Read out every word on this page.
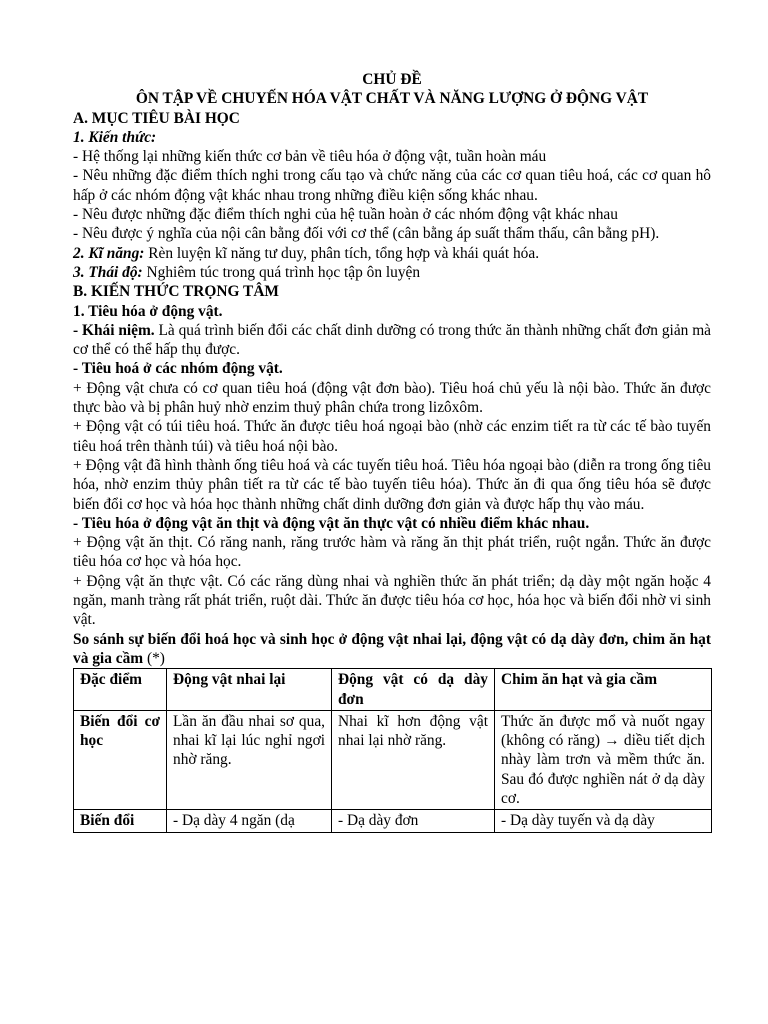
CHỦ ĐỀ

ÔN TẬP VỀ CHUYẾN HÓA VẬT CHẤT VÀ NĂNG LƯỢNG Ở ĐỘNG VẬT

A. MỤC TIÊU BÀI HỌC

1. Kiến thức:

- Hệ thống lại những kiến thức cơ bản về tiêu hóa ở động vật, tuần hoàn máu

- Nêu những đặc điểm thích nghi trong cấu tạo và chức năng của các cơ quan tiêu hoá, các cơ quan hô hấp ở các nhóm động vật khác nhau trong những điều kiện sống khác nhau.

- Nêu được những đặc điểm thích nghi của hệ tuần hoàn ở các nhóm động vật khác nhau

- Nêu được ý nghĩa của nội cân bằng đối với cơ thể (cân bằng áp suất thẩm thấu, cân bằng pH).

2. Kĩ năng: Rèn luyện kĩ năng tư duy, phân tích, tổng hợp và khái quát hóa.

3. Thái độ: Nghiêm túc trong quá trình học tập ôn luyện

B. KIẾN THỨC TRỌNG TÂM

1. Tiêu hóa ở động vật.

- Khái niệm. Là quá trình biến đổi các chất dinh dưỡng có trong thức ăn thành những chất đơn giản mà cơ thể có thể hấp thụ được.

- Tiêu hoá ở các nhóm động vật.

+ Động vật chưa có cơ quan tiêu hoá (động vật đơn bào). Tiêu hoá chủ yếu là nội bào. Thức ăn được thực bào và bị phân huỷ nhờ enzim thuỷ phân chứa trong lizôxôm.

+ Động vật có túi tiêu hoá. Thức ăn được tiêu hoá ngoại bào (nhờ các enzim tiết ra từ các tế bào tuyến tiêu hoá trên thành túi) và tiêu hoá nội bào.

+ Động vật đã hình thành ống tiêu hoá và các tuyến tiêu hoá. Tiêu hóa ngoại bào (diễn ra trong ống tiêu hóa, nhờ enzim thủy phân tiết ra từ các tế bào tuyến tiêu hóa). Thức ăn đi qua ống tiêu hóa sẽ được biến đổi cơ học và hóa học thành những chất dinh dưỡng đơn giản và được hấp thụ vào máu.

- Tiêu hóa ở động vật ăn thịt và động vật ăn thực vật có nhiều điểm khác nhau.

+ Động vật ăn thịt. Có răng nanh, răng trước hàm và răng ăn thịt phát triển, ruột ngắn. Thức ăn được tiêu hóa cơ học và hóa học.

+ Động vật ăn thực vật. Có các răng dùng nhai và nghiền thức ăn phát triển; dạ dày một ngăn hoặc 4 ngăn, manh tràng rất phát triển, ruột dài. Thức ăn được tiêu hóa cơ học, hóa học và biến đổi nhờ vi sinh vật.

So sánh sự biến đổi hoá học và sinh học ở động vật nhai lại, động vật có dạ dày đơn, chim ăn hạt và gia cầm (*)

Đặc điểm	Động vật nhai lại	Động vật có dạ dày đơn	Chim ăn hạt và gia cầm
Biến đổi cơ học	Lần ăn đầu nhai sơ qua, nhai kĩ lại lúc nghỉ ngơi nhờ răng.	Nhai kĩ hơn động vật nhai lại nhờ răng.	Thức ăn được mổ và nuốt ngay (không có răng) → diều tiết dịch nhày làm trơn và mềm thức ăn. Sau đó được nghiền nát ở dạ dày cơ.
Biến đổi	- Dạ dày 4 ngăn (dạ	- Dạ dày đơn	- Dạ dày tuyến và dạ dày
